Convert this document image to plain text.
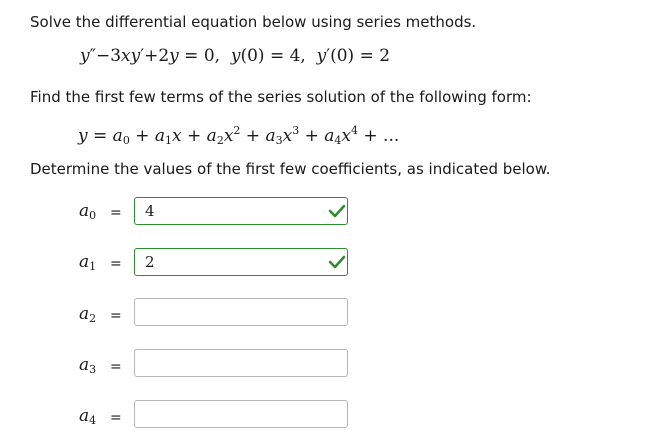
Solve the differential equation below using series methods.
y″−3xy′+2y = 0,  y(0) = 4,  y′(0) = 2
Find the first few terms of the series solution of the following form:
$y = a_0 + a_1x + a_2x^2 + a_3x^3 + a_4x^4$ + ...
Determine the values of the first few coefficients, as indicated below.
$a_0$ =	4
$a_1$ =	2
$a_2$ =
$a_3$ =
$a_4$ =
